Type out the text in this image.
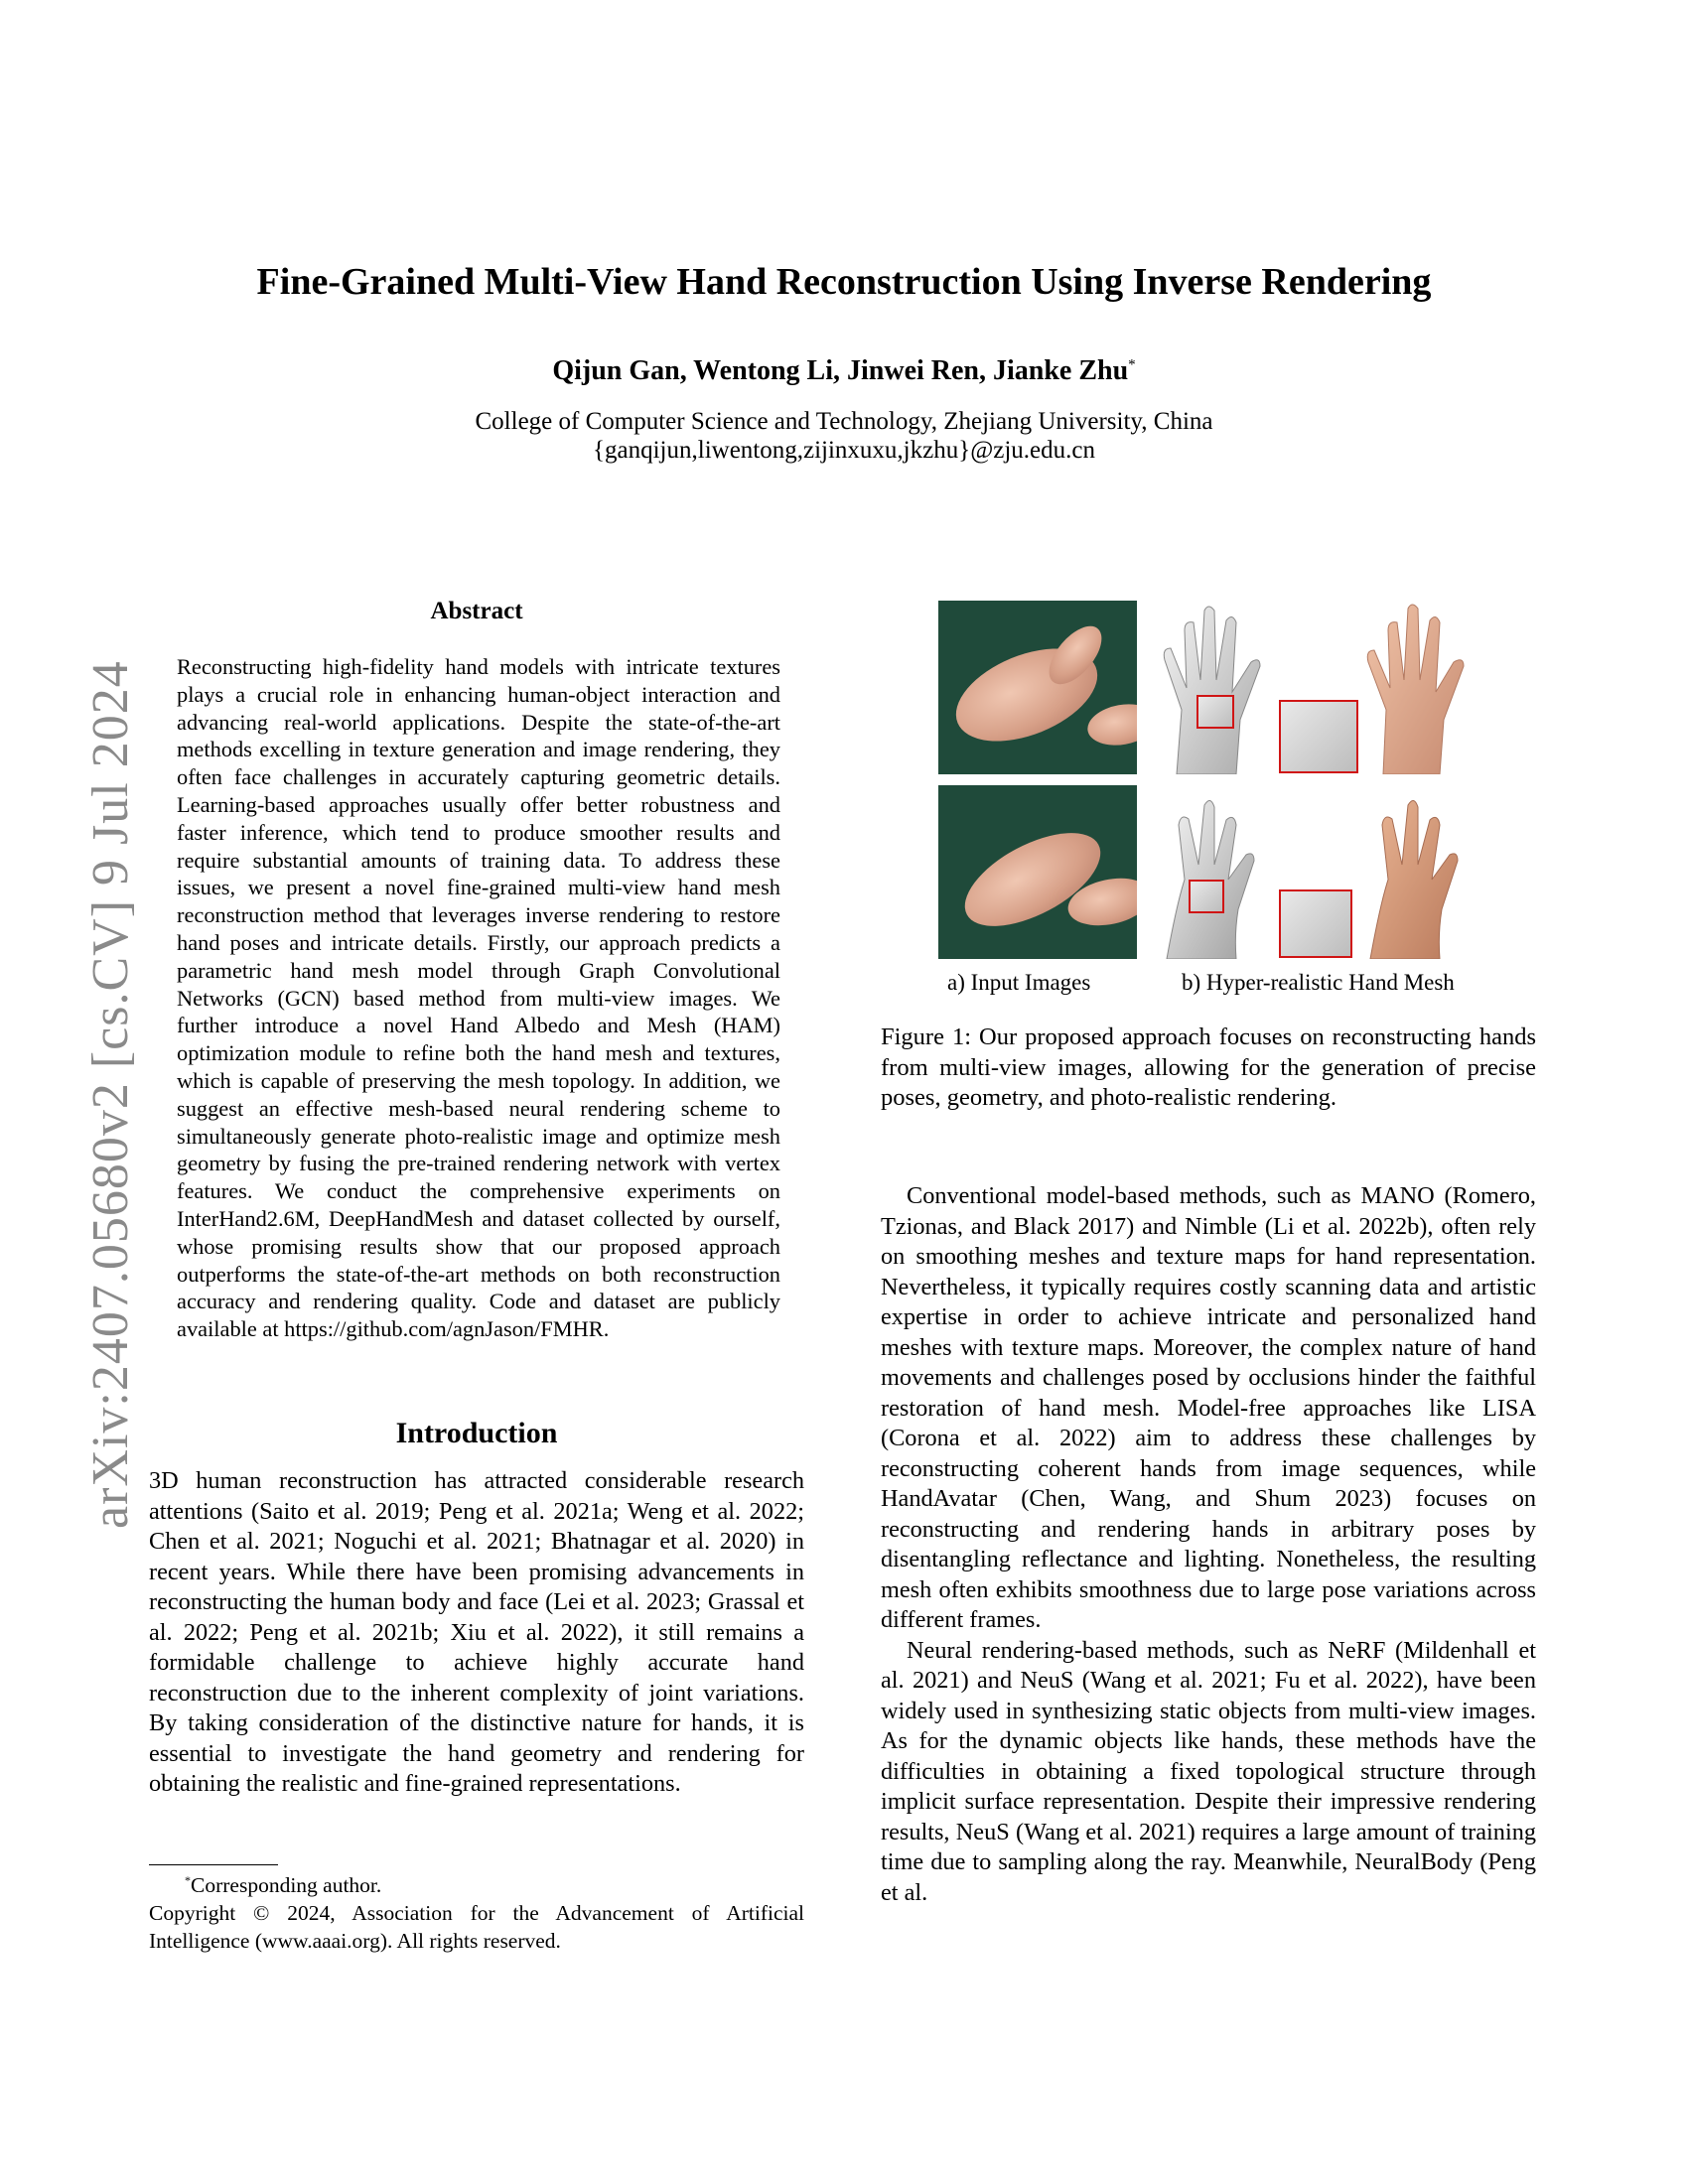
arXiv:2407.05680v2 [cs.CV] 9 Jul 2024
Fine-Grained Multi-View Hand Reconstruction Using Inverse Rendering
Qijun Gan, Wentong Li, Jinwei Ren, Jianke Zhu*
College of Computer Science and Technology, Zhejiang University, China
{ganqijun,liwentong,zijinxuxu,jkzhu}@zju.edu.cn
Abstract
Reconstructing high-fidelity hand models with intricate textures plays a crucial role in enhancing human-object interaction and advancing real-world applications. Despite the state-of-the-art methods excelling in texture generation and image rendering, they often face challenges in accurately capturing geometric details. Learning-based approaches usually offer better robustness and faster inference, which tend to produce smoother results and require substantial amounts of training data. To address these issues, we present a novel fine-grained multi-view hand mesh reconstruction method that leverages inverse rendering to restore hand poses and intricate details. Firstly, our approach predicts a parametric hand mesh model through Graph Convolutional Networks (GCN) based method from multi-view images. We further introduce a novel Hand Albedo and Mesh (HAM) optimization module to refine both the hand mesh and textures, which is capable of preserving the mesh topology. In addition, we suggest an effective mesh-based neural rendering scheme to simultaneously generate photo-realistic image and optimize mesh geometry by fusing the pre-trained rendering network with vertex features. We conduct the comprehensive experiments on InterHand2.6M, DeepHandMesh and dataset collected by ourself, whose promising results show that our proposed approach outperforms the state-of-the-art methods on both reconstruction accuracy and rendering quality. Code and dataset are publicly available at https://github.com/agnJason/FMHR.
Introduction

3D human reconstruction has attracted considerable research attentions (Saito et al. 2019; Peng et al. 2021a; Weng et al. 2022; Chen et al. 2021; Noguchi et al. 2021; Bhatnagar et al. 2020) in recent years. While there have been promising advancements in reconstructing the human body and face (Lei et al. 2023; Grassal et al. 2022; Peng et al. 2021b; Xiu et al. 2022), it still remains a formidable challenge to achieve highly accurate hand reconstruction due to the inherent complexity of joint variations. By taking consideration of the distinctive nature for hands, it is essential to investigate the hand geometry and rendering for obtaining the realistic and fine-grained representations.

*Corresponding author.
Copyright © 2024, Association for the Advancement of Artificial Intelligence (www.aaai.org). All rights reserved.
a) Input Images	b) Hyper-realistic Hand Mesh
Figure 1: Our proposed approach focuses on reconstructing hands from multi-view images, allowing for the generation of precise poses, geometry, and photo-realistic rendering.

Conventional model-based methods, such as MANO (Romero, Tzionas, and Black 2017) and Nimble (Li et al. 2022b), often rely on smoothing meshes and texture maps for hand representation. Nevertheless, it typically requires costly scanning data and artistic expertise in order to achieve intricate and personalized hand meshes with texture maps. Moreover, the complex nature of hand movements and challenges posed by occlusions hinder the faithful restoration of hand mesh. Model-free approaches like LISA (Corona et al. 2022) aim to address these challenges by reconstructing coherent hands from image sequences, while HandAvatar (Chen, Wang, and Shum 2023) focuses on reconstructing and rendering hands in arbitrary poses by disentangling reflectance and lighting. Nonetheless, the resulting mesh often exhibits smoothness due to large pose variations across different frames.

Neural rendering-based methods, such as NeRF (Mildenhall et al. 2021) and NeuS (Wang et al. 2021; Fu et al. 2022), have been widely used in synthesizing static objects from multi-view images. As for the dynamic objects like hands, these methods have the difficulties in obtaining a fixed topological structure through implicit surface representation. Despite their impressive rendering results, NeuS (Wang et al. 2021) requires a large amount of training time due to sampling along the ray. Meanwhile, NeuralBody (Peng et al.
